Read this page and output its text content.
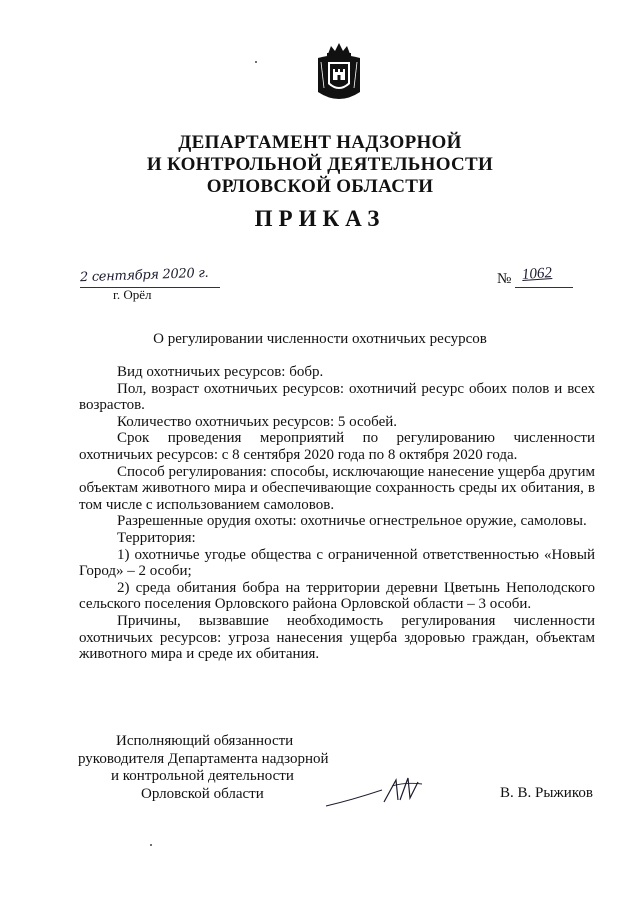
ДЕПАРТАМЕНТ НАДЗОРНОЙ
И КОНТРОЛЬНОЙ ДЕЯТЕЛЬНОСТИ
ОРЛОВСКОЙ ОБЛАСТИ
ПРИКАЗ
2 сентября 2020 г.
г. Орёл
№ 1062
О регулировании численности охотничьих ресурсов

Вид охотничьих ресурсов: бобр.

Пол, возраст охотничьих ресурсов: охотничий ресурс обоих полов и всех возрастов.

Количество охотничьих ресурсов: 5 особей.

Срок проведения мероприятий по регулированию численности охотничьих ресурсов: с 8 сентября 2020 года по 8 октября 2020 года.

Способ регулирования: способы, исключающие нанесение ущерба другим объектам животного мира и обеспечивающие сохранность среды их обитания, в том числе с использованием самоловов.

Разрешенные орудия охоты: охотничье огнестрельное оружие, самоловы.

Территория:

1) охотничье угодье общества с ограниченной ответственностью «Новый Город» – 2 особи;

2) среда обитания бобра на территории деревни Цветынь Неполодского сельского поселения Орловского района Орловской области – 3 особи.

Причины, вызвавшие необходимость регулирования численности охотничьих ресурсов: угроза нанесения ущерба здоровью граждан, объектам животного мира и среде их обитания.

Исполняющий обязанности
руководителя Департамента надзорной
и контрольной деятельности
Орловской области	В. В. Рыжиков
